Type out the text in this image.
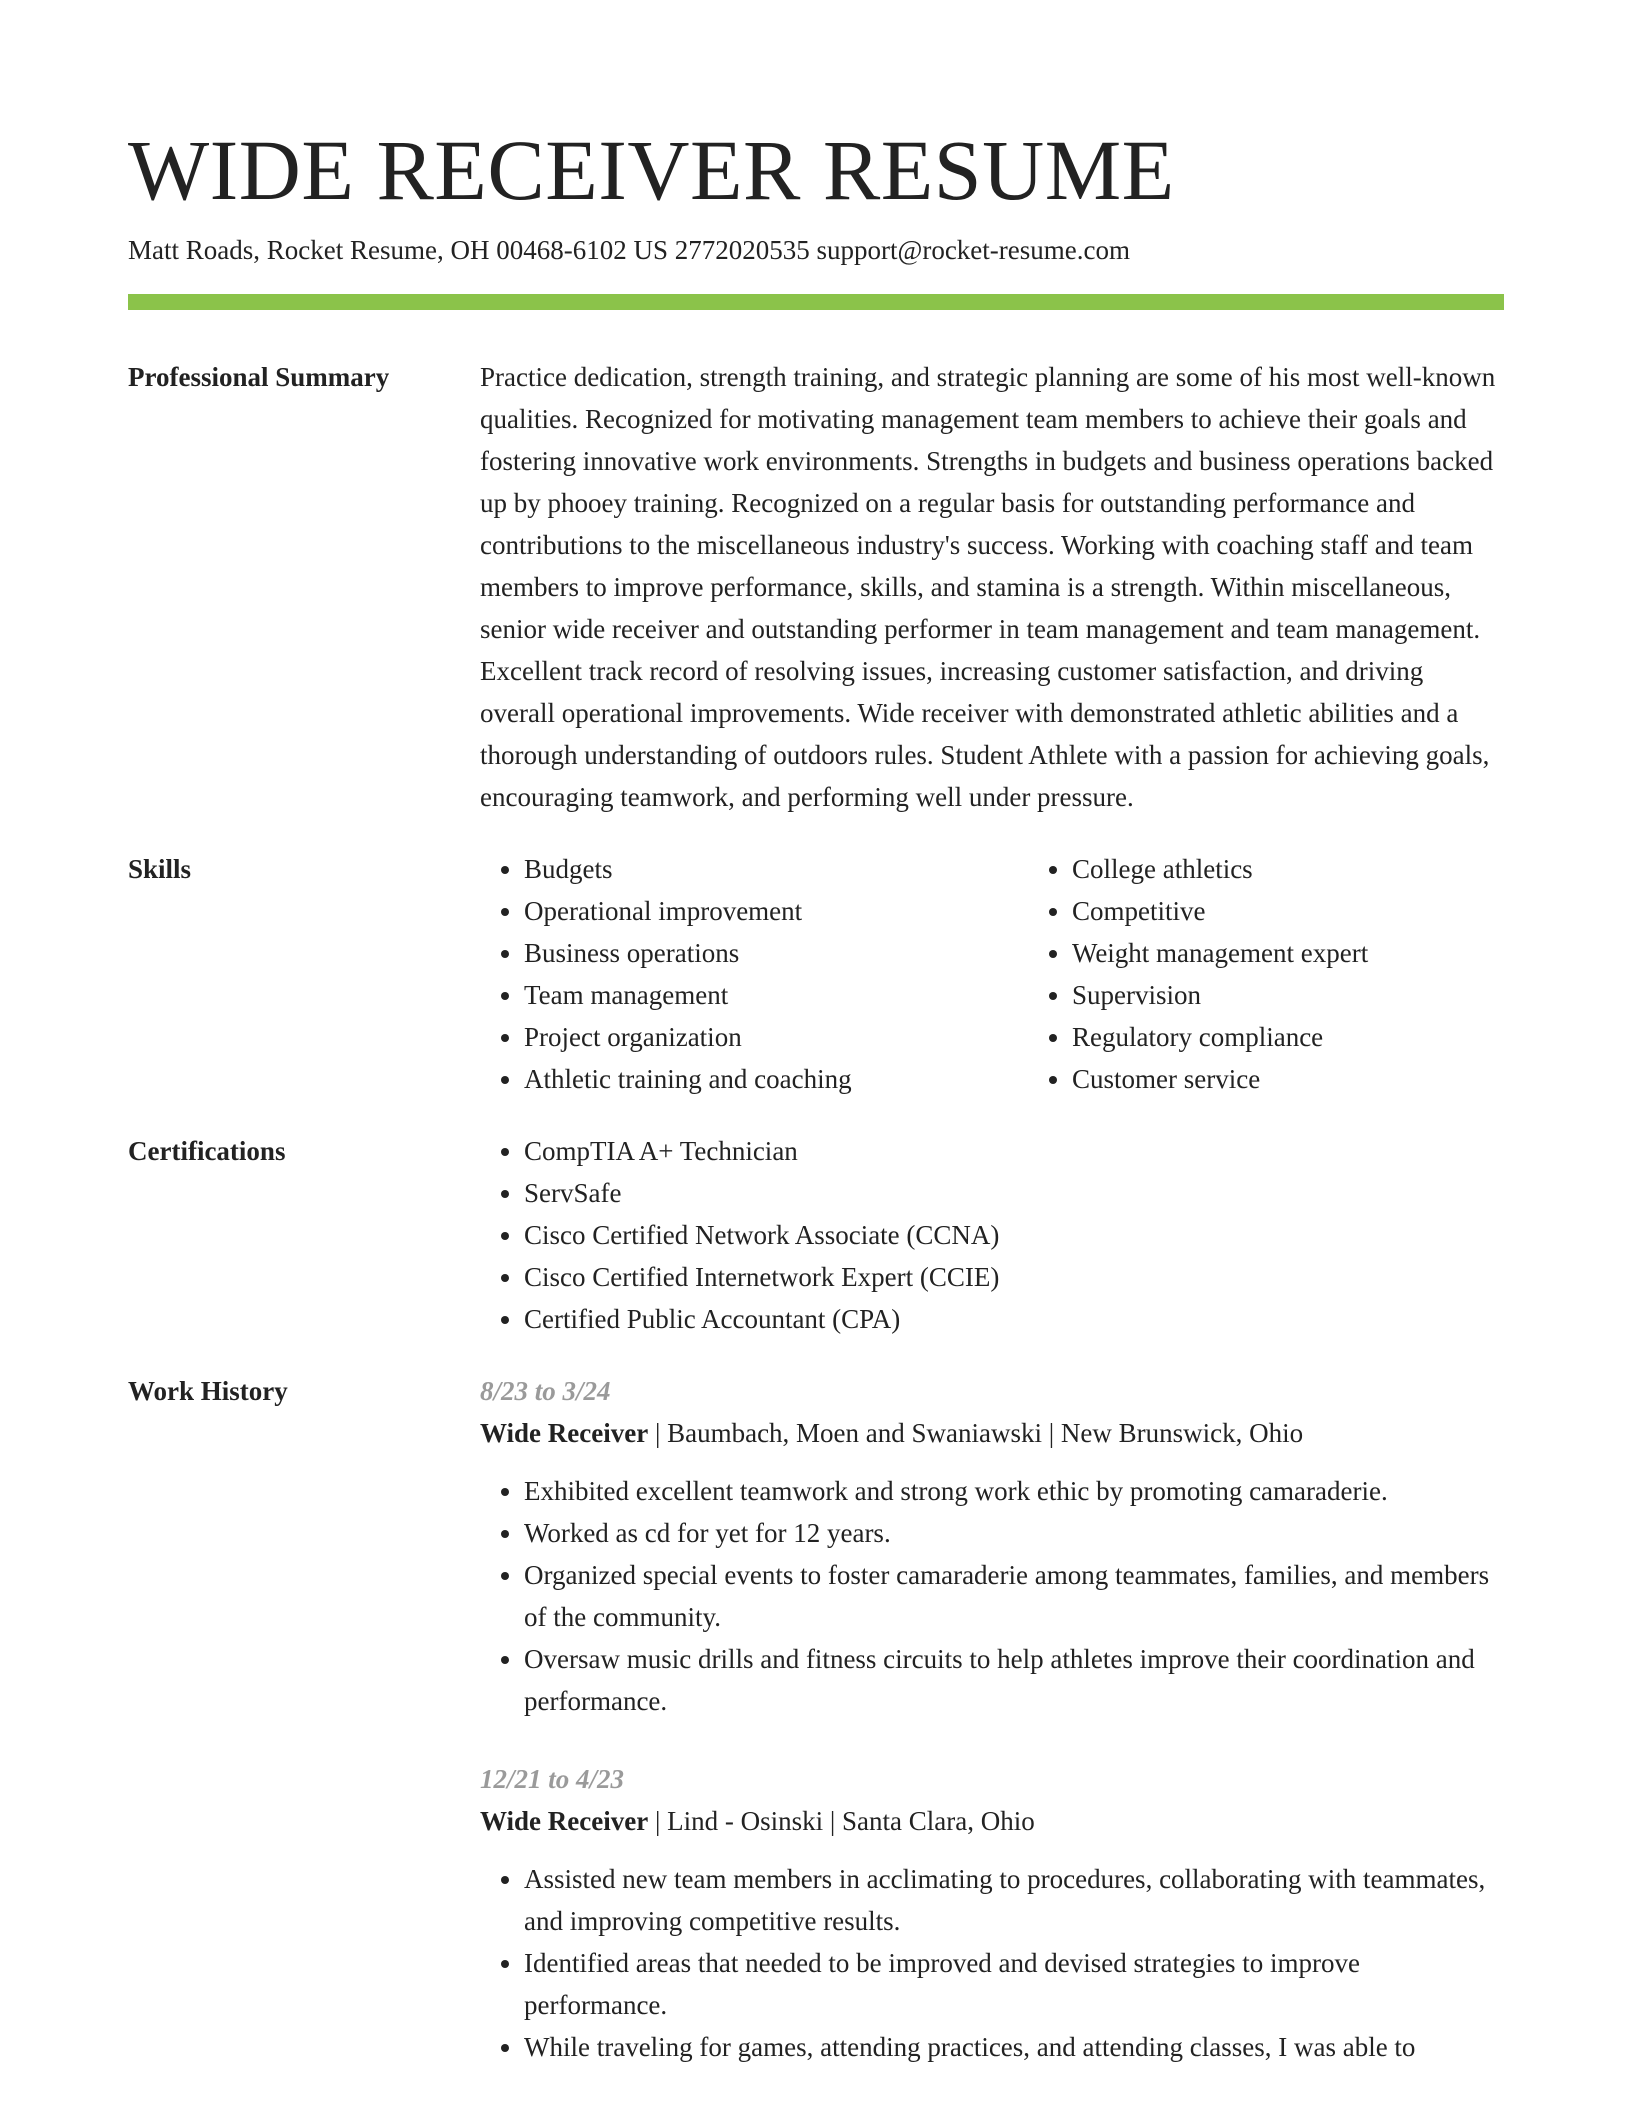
WIDE RECEIVER RESUME
Matt Roads, Rocket Resume, OH 00468-6102 US 2772020535 support@rocket-resume.com
Professional Summary	Practice dedication, strength training, and strategic planning are some of his most well-known qualities. Recognized for motivating management team members to achieve their goals and fostering innovative work environments. Strengths in budgets and business operations backed up by phooey training. Recognized on a regular basis for outstanding performance and contributions to the miscellaneous industry's success. Working with coaching staff and team members to improve performance, skills, and stamina is a strength. Within miscellaneous, senior wide receiver and outstanding performer in team management and team management. Excellent track record of resolving issues, increasing customer satisfaction, and driving overall operational improvements. Wide receiver with demonstrated athletic abilities and a thorough understanding of outdoors rules. Student Athlete with a passion for achieving goals, encouraging teamwork, and performing well under pressure.

Skills	• Budgets
• Operational improvement
• Business operations
• Team management
• Project organization
• Athletic training and coaching
• College athletics
• Competitive
• Weight management expert
• Supervision
• Regulatory compliance
• Customer service
Certifications	• CompTIA A+ Technician
• ServSafe
• Cisco Certified Network Associate (CCNA)
• Cisco Certified Internetwork Expert (CCIE)
• Certified Public Accountant (CPA)
Work History	8/23 to 3/24
Wide Receiver | Baumbach, Moen and Swaniawski | New Brunswick, Ohio
• Exhibited excellent teamwork and strong work ethic by promoting camaraderie.
• Worked as cd for yet for 12 years.
• Organized special events to foster camaraderie among teammates, families, and members of the community.
• Oversaw music drills and fitness circuits to help athletes improve their coordination and performance.
12/21 to 4/23
Wide Receiver | Lind - Osinski | Santa Clara, Ohio
• Assisted new team members in acclimating to procedures, collaborating with teammates, and improving competitive results.
• Identified areas that needed to be improved and devised strategies to improve performance.
• While traveling for games, attending practices, and attending classes, I was able to
